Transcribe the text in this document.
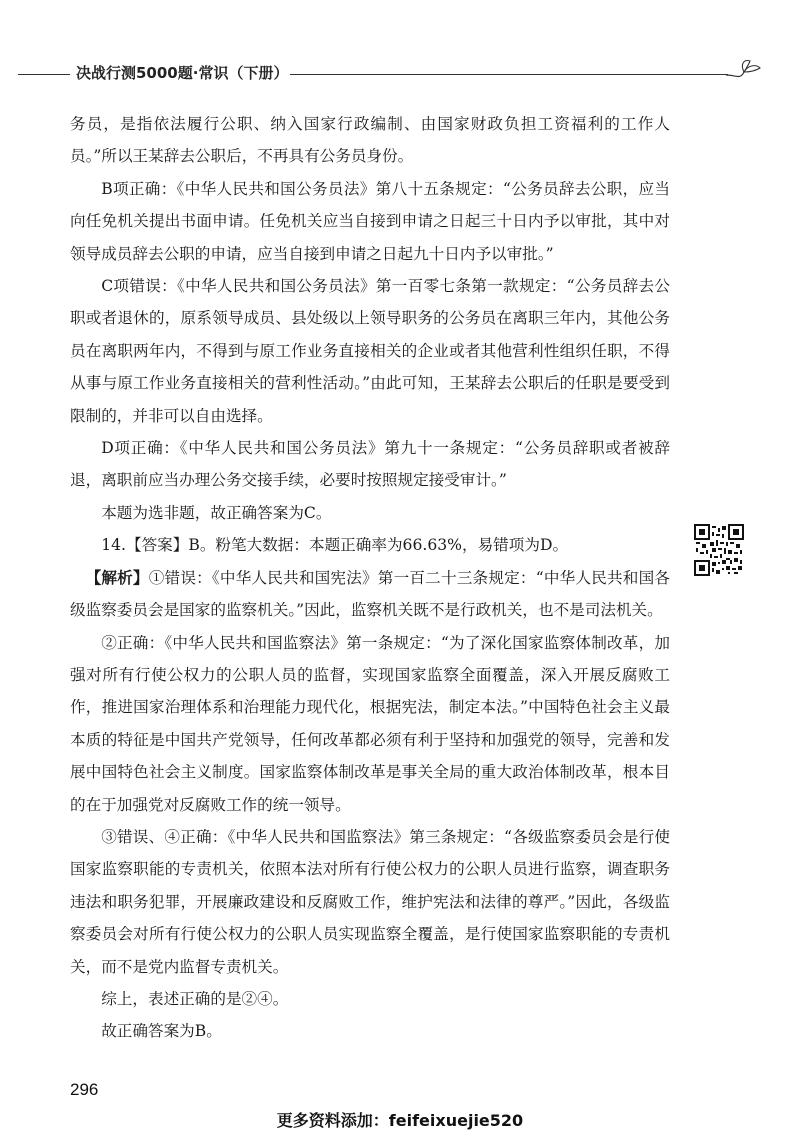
决战行测5000题·常识（下册）

务员，是指依法履行公职、纳入国家行政编制、由国家财政负担工资福利的工作人员。”所以王某辞去公职后，不再具有公务员身份。

B项正确：《中华人民共和国公务员法》第八十五条规定：“公务员辞去公职，应当向任免机关提出书面申请。任免机关应当自接到申请之日起三十日内予以审批，其中对领导成员辞去公职的申请，应当自接到申请之日起九十日内予以审批。”

C项错误：《中华人民共和国公务员法》第一百零七条第一款规定：“公务员辞去公职或者退休的，原系领导成员、县处级以上领导职务的公务员在离职三年内，其他公务员在离职两年内，不得到与原工作业务直接相关的企业或者其他营利性组织任职，不得从事与原工作业务直接相关的营利性活动。”由此可知，王某辞去公职后的任职是要受到限制的，并非可以自由选择。

D项正确：《中华人民共和国公务员法》第九十一条规定：“公务员辞职或者被辞退，离职前应当办理公务交接手续，必要时按照规定接受审计。”

本题为选非题，故正确答案为C。

14.【答案】B。粉笔大数据：本题正确率为66.63%，易错项为D。

【解析】①错误：《中华人民共和国宪法》第一百二十三条规定：“中华人民共和国各级监察委员会是国家的监察机关。”因此，监察机关既不是行政机关，也不是司法机关。

②正确：《中华人民共和国监察法》第一条规定：“为了深化国家监察体制改革，加强对所有行使公权力的公职人员的监督，实现国家监察全面覆盖，深入开展反腐败工作，推进国家治理体系和治理能力现代化，根据宪法，制定本法。”中国特色社会主义最本质的特征是中国共产党领导，任何改革都必须有利于坚持和加强党的领导，完善和发展中国特色社会主义制度。国家监察体制改革是事关全局的重大政治体制改革，根本目的在于加强党对反腐败工作的统一领导。

③错误、④正确：《中华人民共和国监察法》第三条规定：“各级监察委员会是行使国家监察职能的专责机关，依照本法对所有行使公权力的公职人员进行监察，调查职务违法和职务犯罪，开展廉政建设和反腐败工作，维护宪法和法律的尊严。”因此，各级监察委员会对所有行使公权力的公职人员实现监察全覆盖，是行使国家监察职能的专责机关，而不是党内监督专责机关。

综上，表述正确的是②④。

故正确答案为B。

296
更多资料添加：feifeixuejie520
